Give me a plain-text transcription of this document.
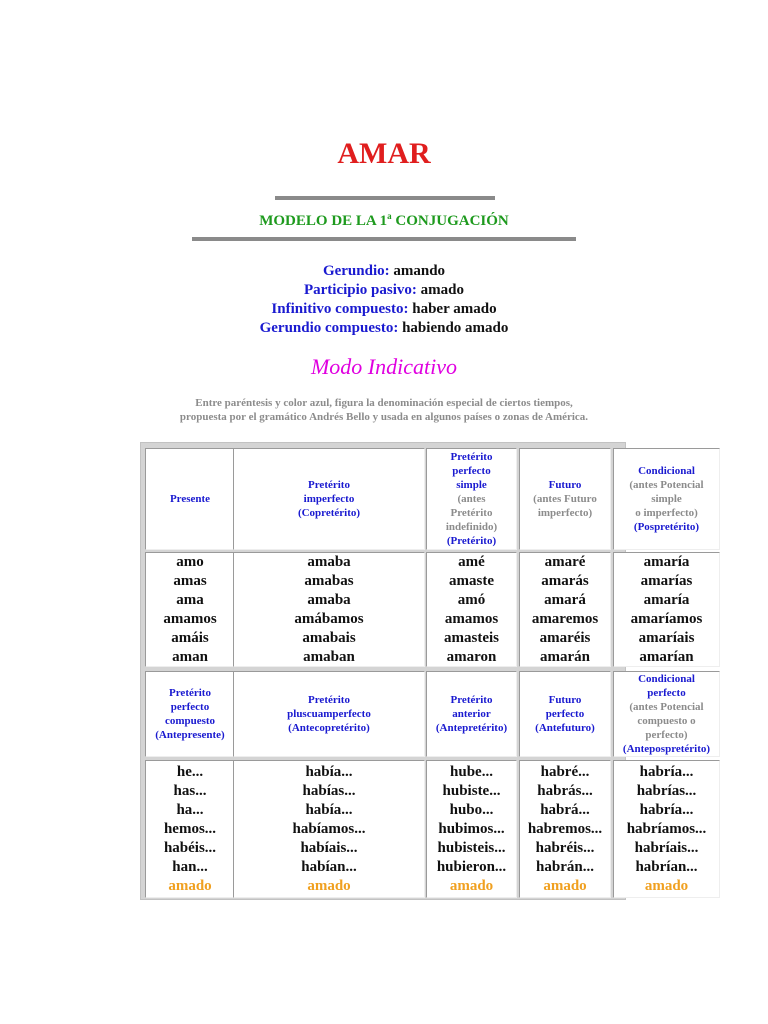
AMAR
MODELO DE LA 1$^a$ CONJUGACIÓN
Gerundio: amando
Participio pasivo: amado
Infinitivo compuesto: haber amado
Gerundio compuesto: habiendo amado
Modo Indicativo
Entre paréntesis y color azul, figura la denominación especial de ciertos tiempos,
propuesta por el gramático Andrés Bello y usada en algunos países o zonas de América.
Presente
Pretérito
imperfecto
(Copretérito)
Pretérito
perfecto
simple
(antes
Pretérito
indefinido)
(Pretérito)
Futuro
(antes Futuro
imperfecto)
Condicional
(antes Potencial
simple
o imperfecto)
(Pospretérito)
amo
amas
ama
amamos
amáis
aman
amaba
amabas
amaba
amábamos
amabais
amaban
amé
amaste
amó
amamos
amasteis
amaron
amaré
amarás
amará
amaremos
amaréis
amarán
amaría
amarías
amaría
amaríamos
amaríais
amarían
Pretérito
perfecto
compuesto
(Antepresente)
Pretérito
pluscuamperfecto
(Antecopretérito)
Pretérito
anterior
(Antepretérito)
Futuro
perfecto
(Antefuturo)
Condicional
perfecto
(antes Potencial
compuesto o
perfecto)
(Antepospretérito)
he...
has...
ha...
hemos...
habéis...
han...
amado
había...
habías...
había...
habíamos...
habíais...
habían...
amado
hube...
hubiste...
hubo...
hubimos...
hubisteis...
hubieron...
amado
habré...
habrás...
habrá...
habremos...
habréis...
habrán...
amado
habría...
habrías...
habría...
habríamos...
habríais...
habrían...
amado
